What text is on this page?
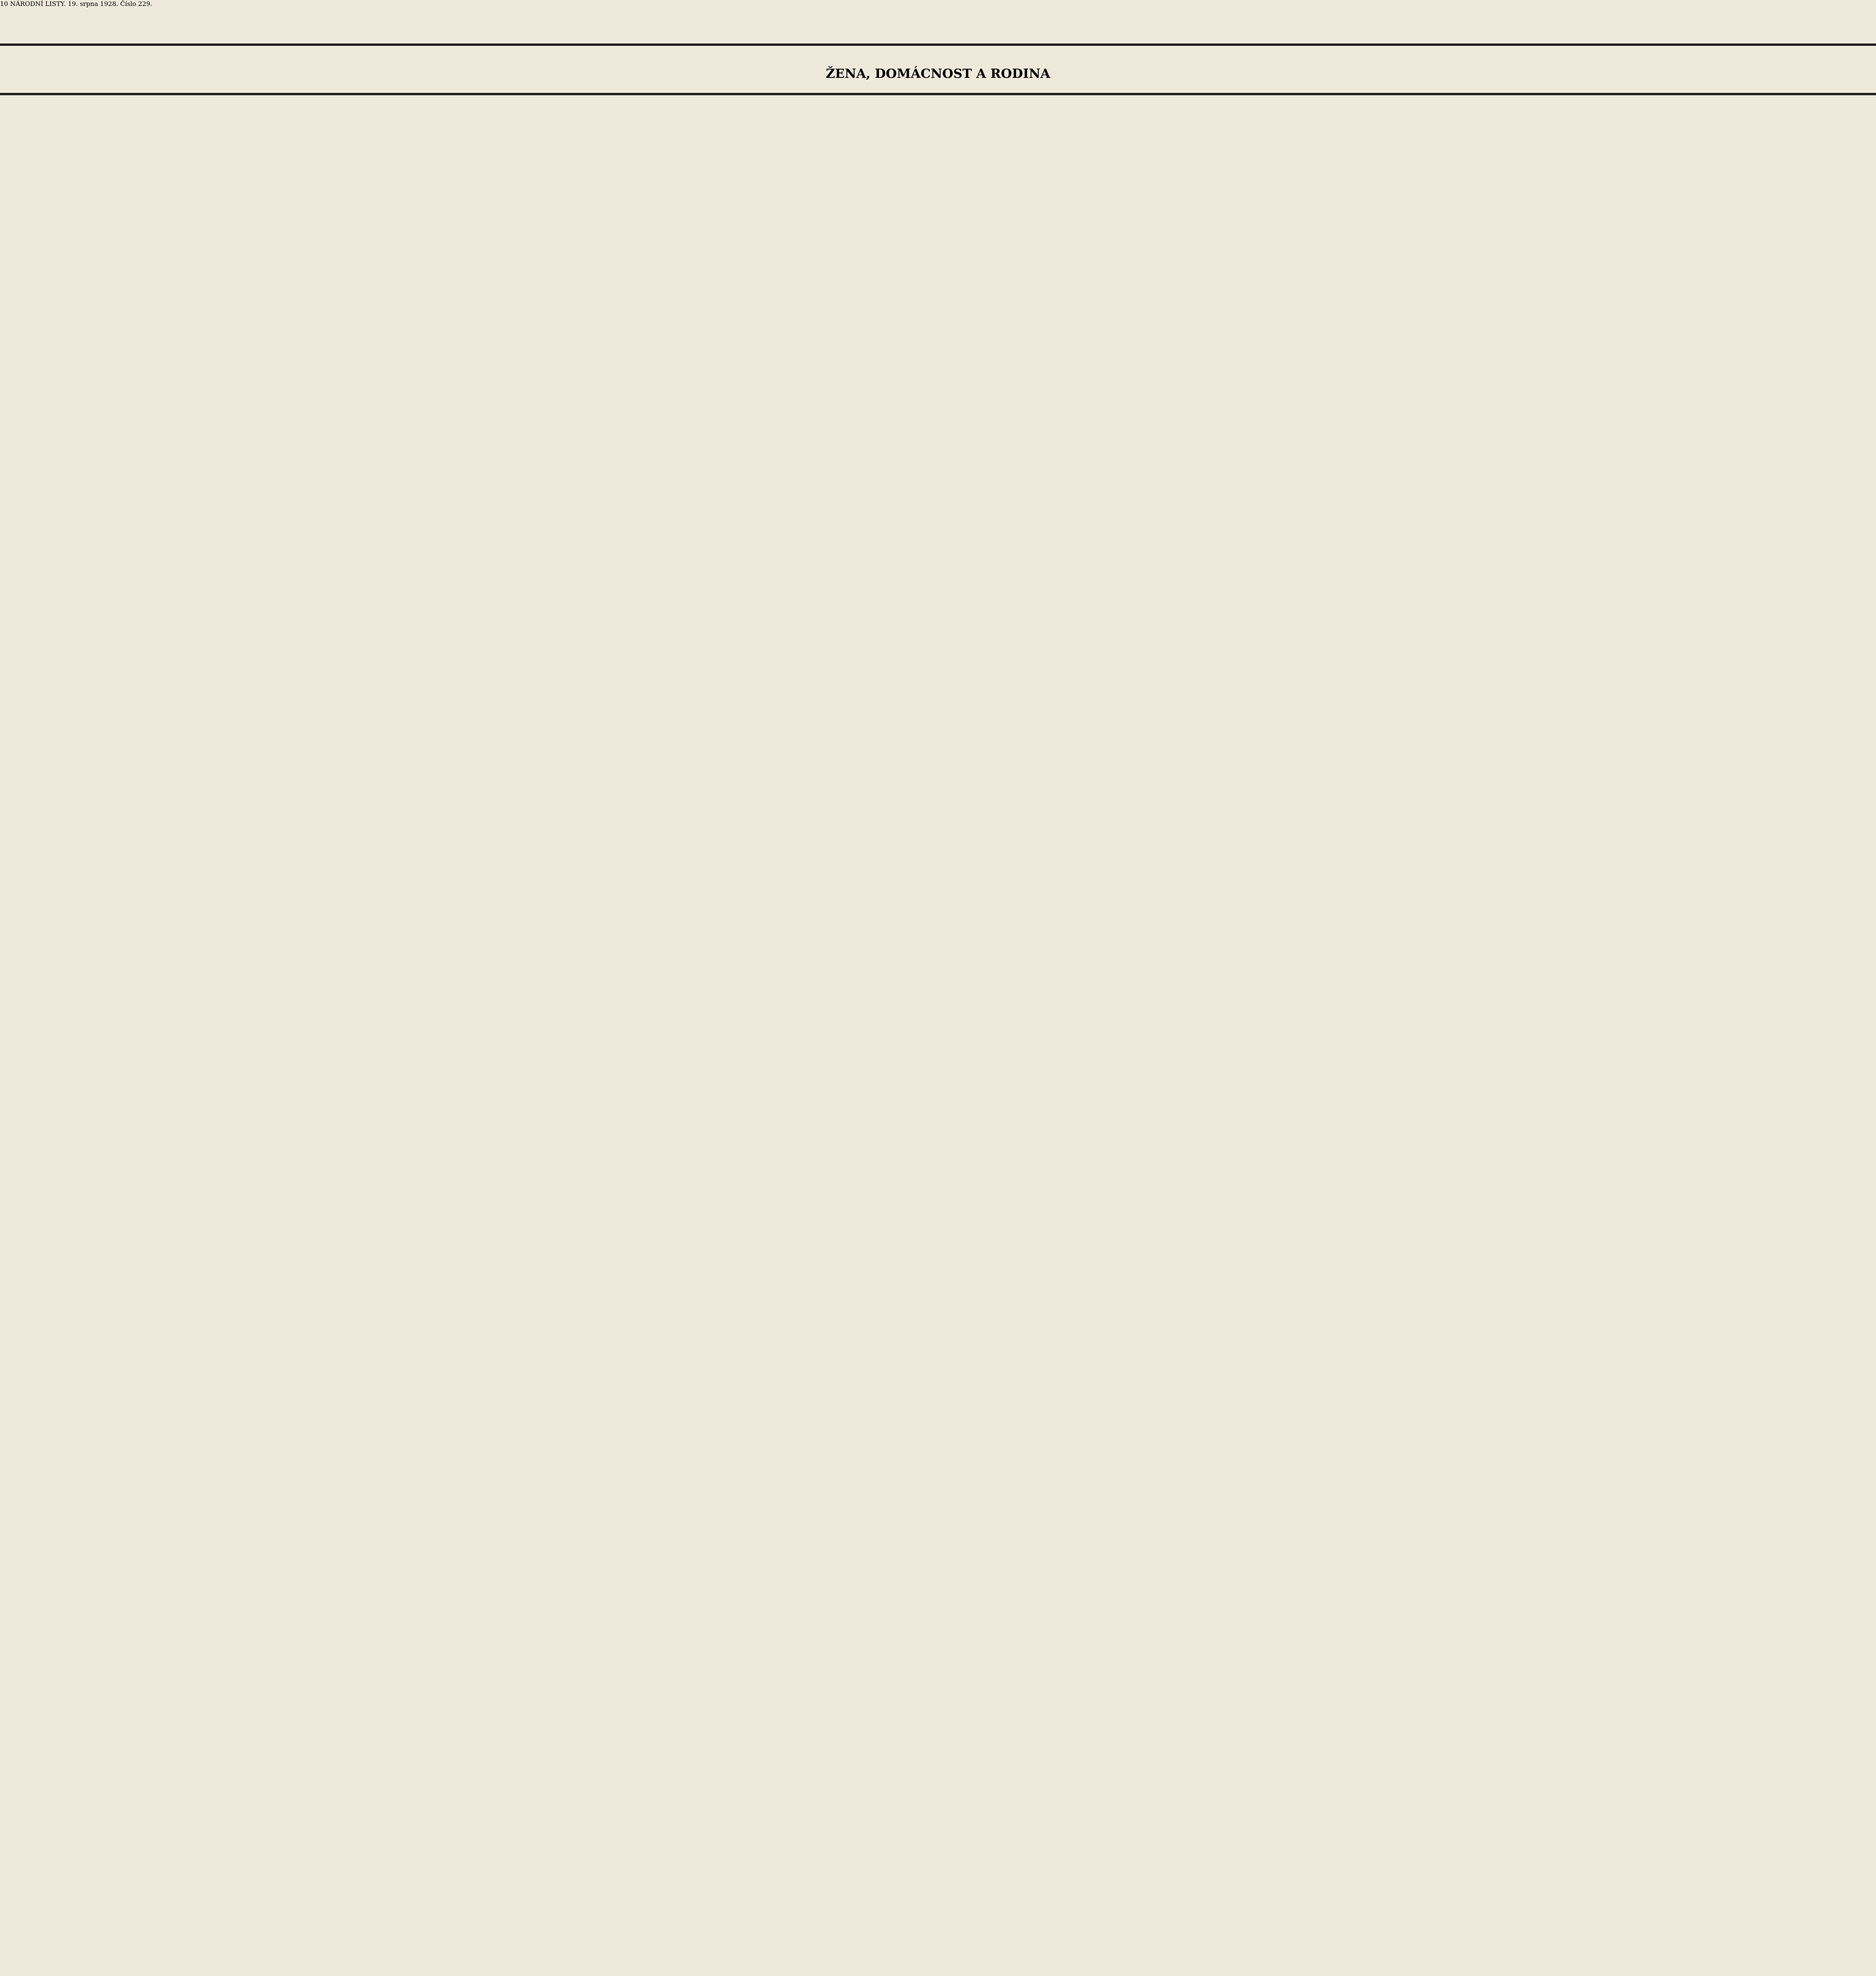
10 NÁRODNÍ LISTY. 19. srpna 1928. Číslo 229.
ŽENA, DOMÁCNOST A RODINA
